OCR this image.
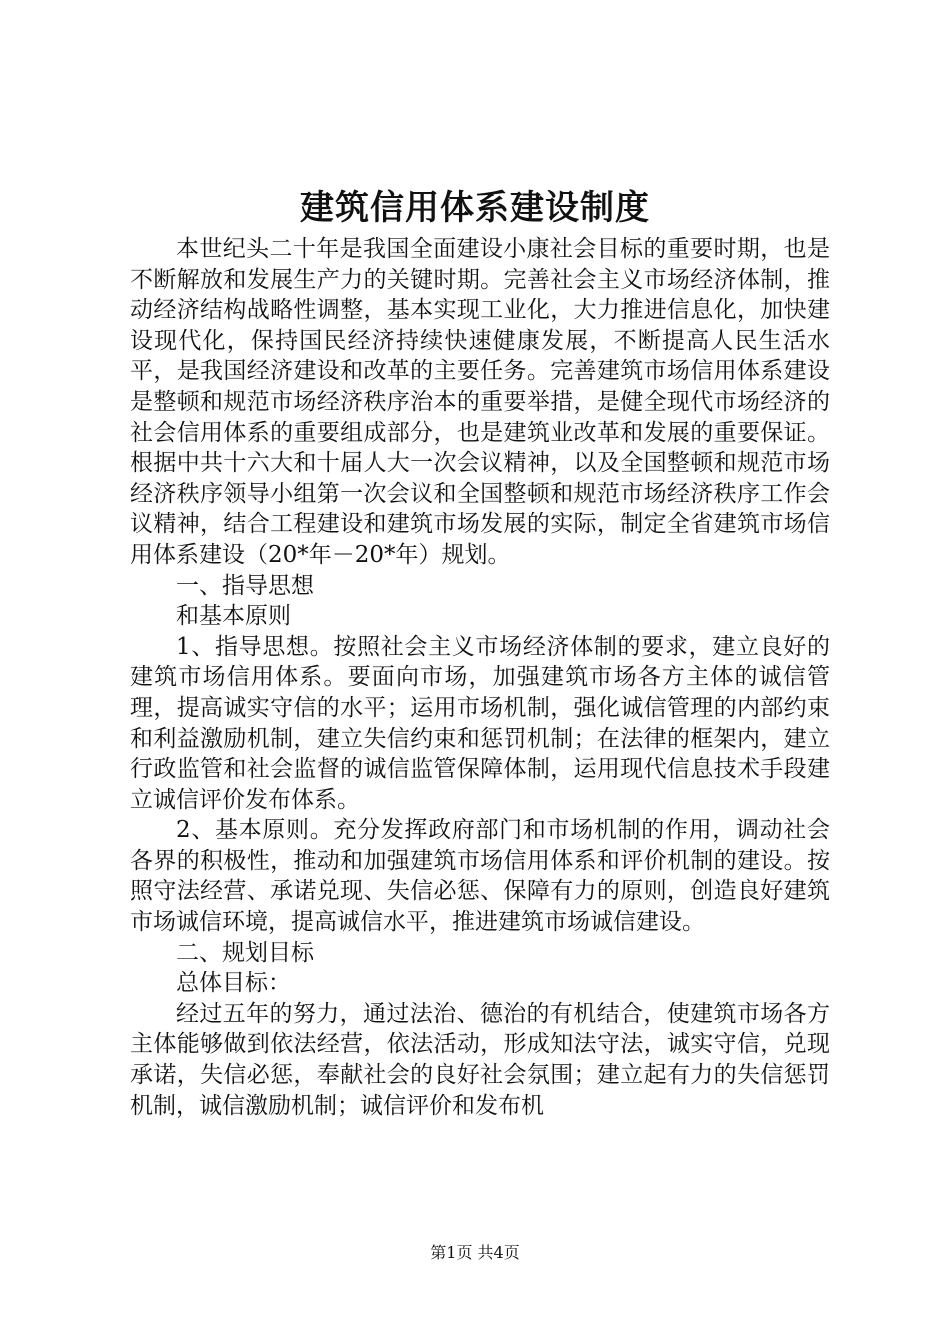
建筑信用体系建设制度

本世纪头二十年是我国全面建设小康社会目标的重要时期，也是不断解放和发展生产力的关键时期。完善社会主义市场经济体制，推动经济结构战略性调整，基本实现工业化，大力推进信息化，加快建设现代化，保持国民经济持续快速健康发展，不断提高人民生活水平，是我国经济建设和改革的主要任务。完善建筑市场信用体系建设是整顿和规范市场经济秩序治本的重要举措，是健全现代市场经济的社会信用体系的重要组成部分，也是建筑业改革和发展的重要保证。根据中共十六大和十届人大一次会议精神，以及全国整顿和规范市场经济秩序领导小组第一次会议和全国整顿和规范市场经济秩序工作会议精神，结合工程建设和建筑市场发展的实际，制定全省建筑市场信用体系建设（20*年－20*年）规划。

一、指导思想

和基本原则

1、指导思想。按照社会主义市场经济体制的要求，建立良好的建筑市场信用体系。要面向市场，加强建筑市场各方主体的诚信管理，提高诚实守信的水平；运用市场机制，强化诚信管理的内部约束和利益激励机制，建立失信约束和惩罚机制；在法律的框架内，建立行政监管和社会监督的诚信监管保障体制，运用现代信息技术手段建立诚信评价发布体系。

2、基本原则。充分发挥政府部门和市场机制的作用，调动社会各界的积极性，推动和加强建筑市场信用体系和评价机制的建设。按照守法经营、承诺兑现、失信必惩、保障有力的原则，创造良好建筑市场诚信环境，提高诚信水平，推进建筑市场诚信建设。

二、规划目标

总体目标：

经过五年的努力，通过法治、德治的有机结合，使建筑市场各方主体能够做到依法经营，依法活动，形成知法守法，诚实守信，兑现承诺，失信必惩，奉献社会的良好社会氛围；建立起有力的失信惩罚机制，诚信激励机制；诚信评价和发布机

第1页 共4页
